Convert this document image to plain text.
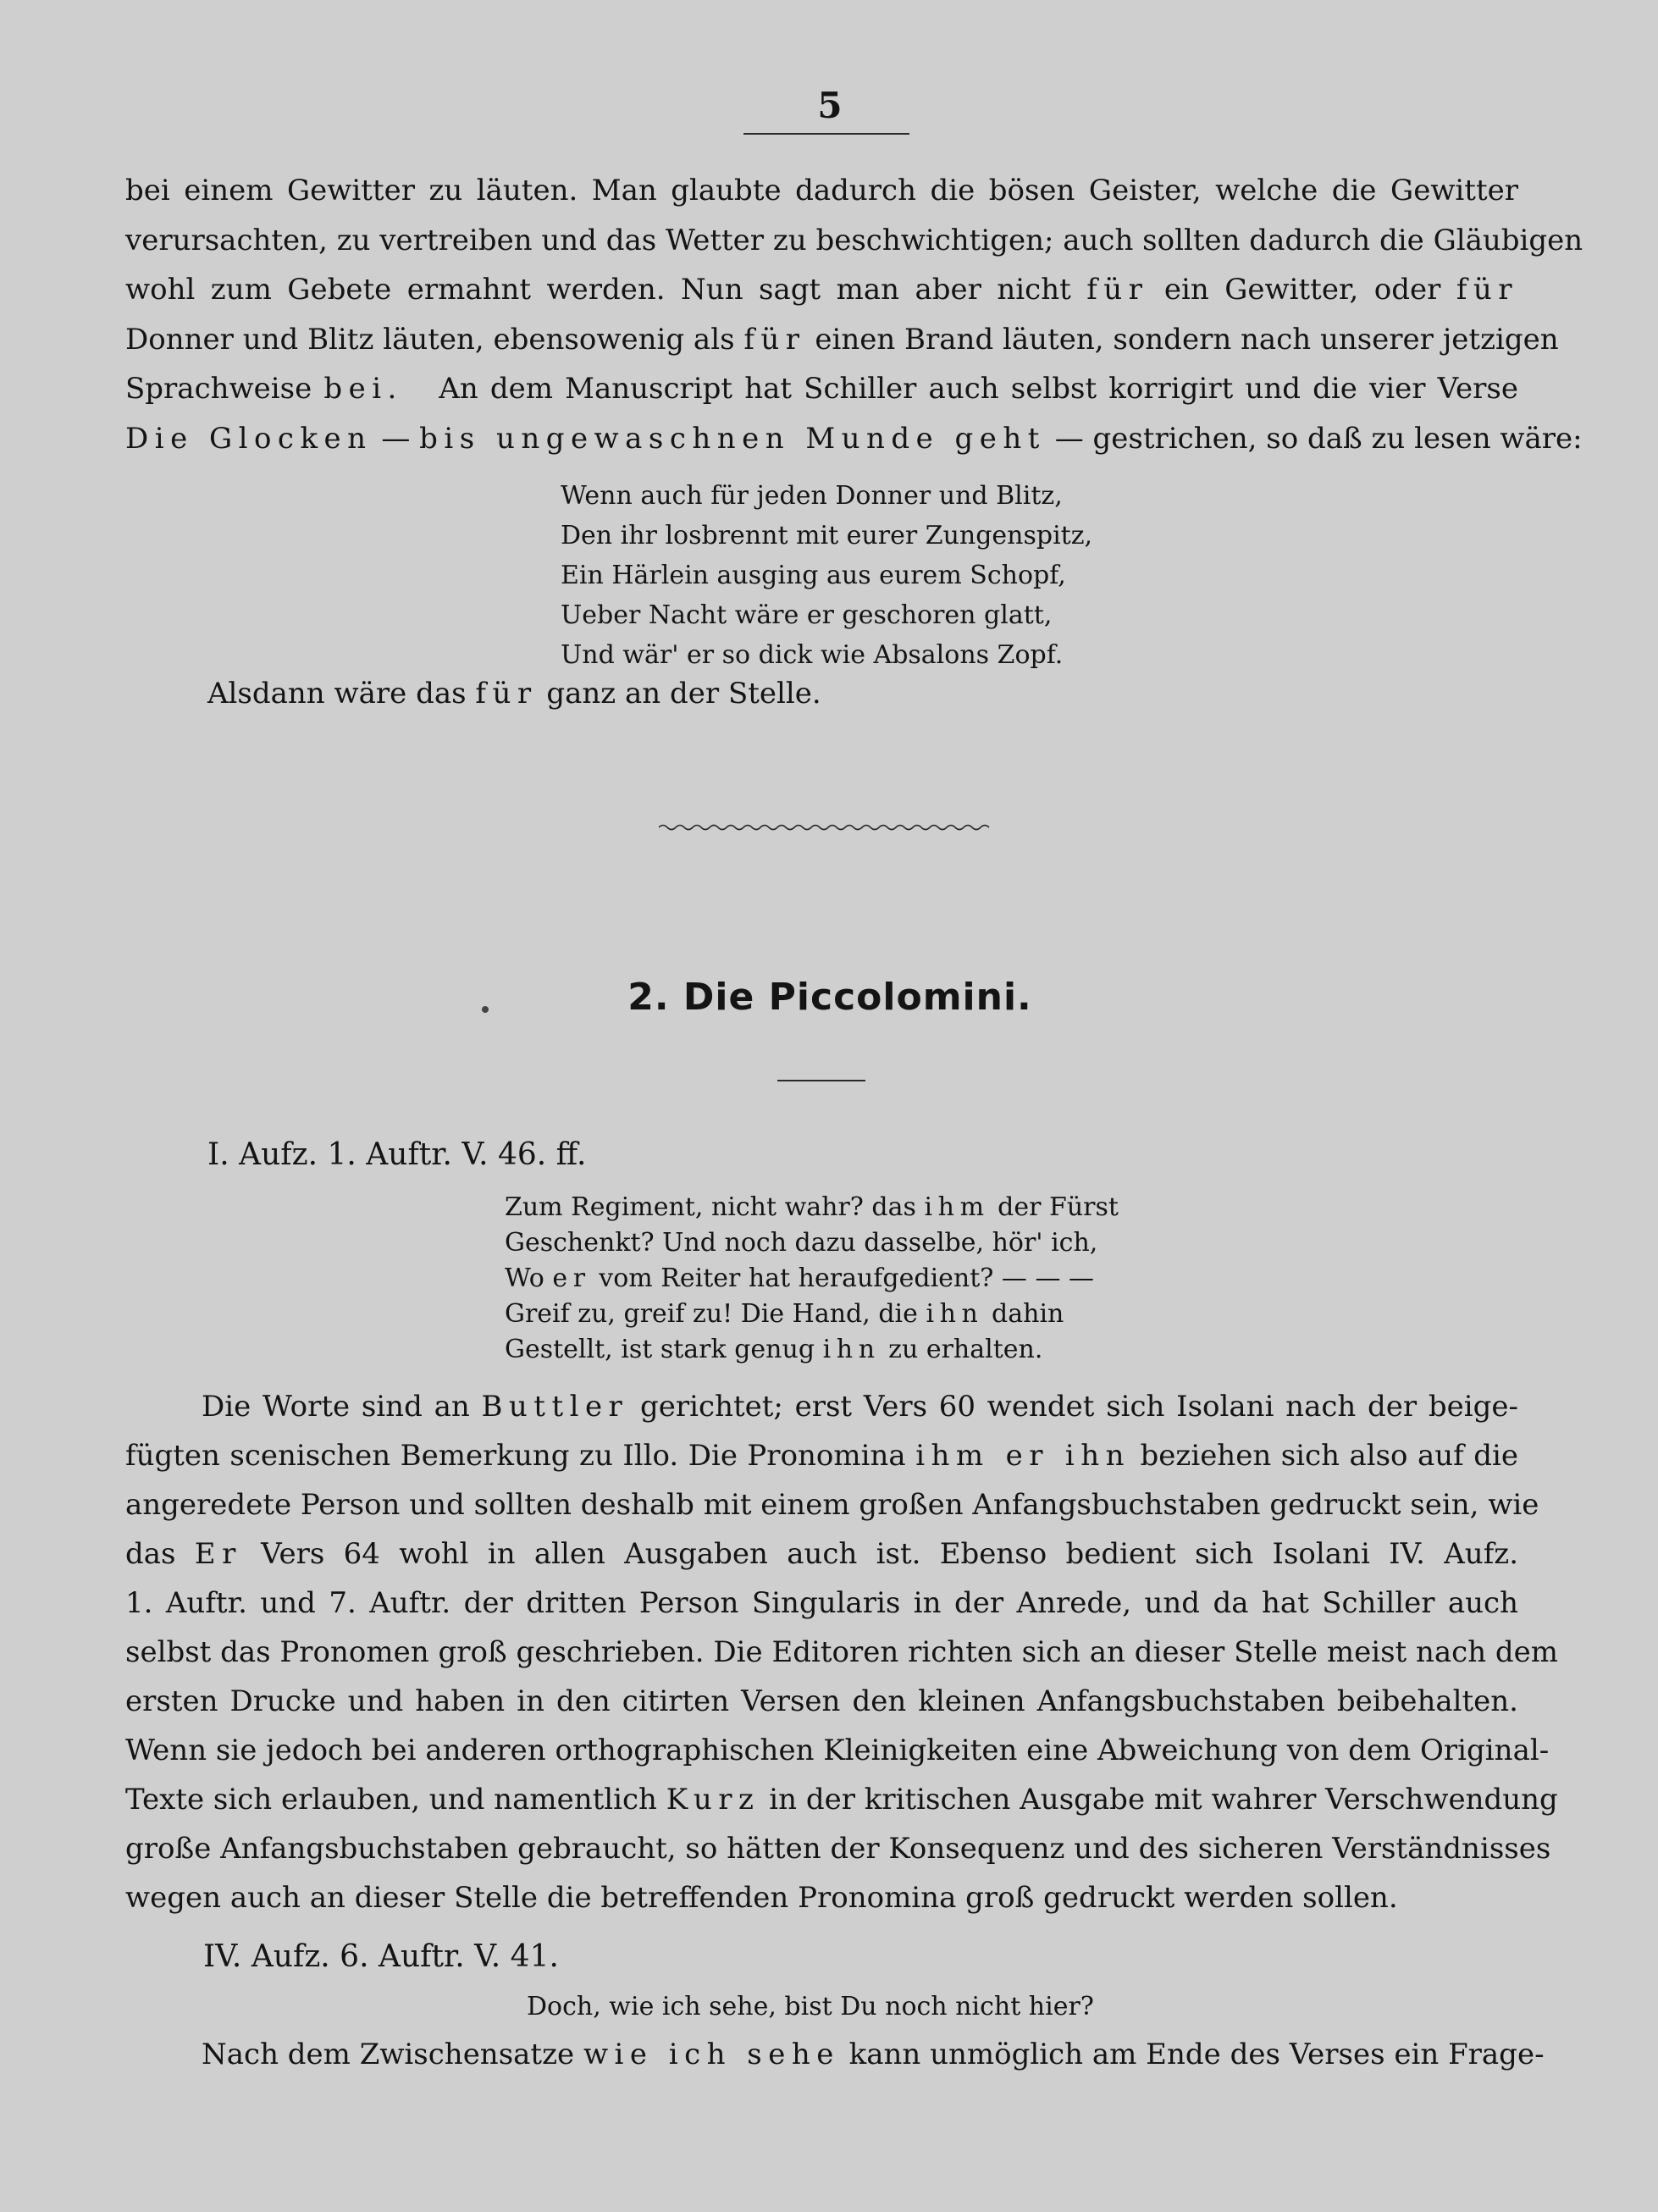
5
bei einem Gewitter zu läuten. Man glaubte dadurch die bösen Geister, welche die Gewitter
verursachten, zu vertreiben und das Wetter zu beschwichtigen; auch sollten dadurch die Gläubigen
wohl zum Gebete ermahnt werden. Nun sagt man aber nicht für ein Gewitter, oder für
Donner und Blitz läuten, ebensowenig als für einen Brand läuten, sondern nach unserer jetzigen
Sprachweise bei. An dem Manuscript hat Schiller auch selbst korrigirt und die vier Verse
Die Glocken — bis ungewaschnen Munde geht — gestrichen, so daß zu lesen wäre:
Wenn auch für jeden Donner und Blitz,
Den ihr losbrennt mit eurer Zungenspitz,
Ein Härlein ausging aus eurem Schopf,
Ueber Nacht wäre er geschoren glatt,
Und wär' er so dick wie Absalons Zopf.
Alsdann wäre das für ganz an der Stelle.
2. Die Piccolomini.
I. Aufz. 1. Auftr. V. 46. ff.
Zum Regiment, nicht wahr? das ihm der Fürst
Geschenkt? Und noch dazu dasselbe, hör' ich,
Wo er vom Reiter hat heraufgedient? — — —
Greif zu, greif zu! Die Hand, die ihn dahin
Gestellt, ist stark genug ihn zu erhalten.
Die Worte sind an Buttler gerichtet; erst Vers 60 wendet sich Isolani nach der beige-
fügten scenischen Bemerkung zu Illo. Die Pronomina ihm er ihn beziehen sich also auf die
angeredete Person und sollten deshalb mit einem großen Anfangsbuchstaben gedruckt sein, wie
das Er Vers 64 wohl in allen Ausgaben auch ist. Ebenso bedient sich Isolani IV. Aufz.
1. Auftr. und 7. Auftr. der dritten Person Singularis in der Anrede, und da hat Schiller auch
selbst das Pronomen groß geschrieben. Die Editoren richten sich an dieser Stelle meist nach dem
ersten Drucke und haben in den citirten Versen den kleinen Anfangsbuchstaben beibehalten.
Wenn sie jedoch bei anderen orthographischen Kleinigkeiten eine Abweichung von dem Original-
Texte sich erlauben, und namentlich Kurz in der kritischen Ausgabe mit wahrer Verschwendung
große Anfangsbuchstaben gebraucht, so hätten der Konsequenz und des sicheren Verständnisses
wegen auch an dieser Stelle die betreffenden Pronomina groß gedruckt werden sollen.
IV. Aufz. 6. Auftr. V. 41.
Doch, wie ich sehe, bist Du noch nicht hier?
Nach dem Zwischensatze wie ich sehe kann unmöglich am Ende des Verses ein Frage-
